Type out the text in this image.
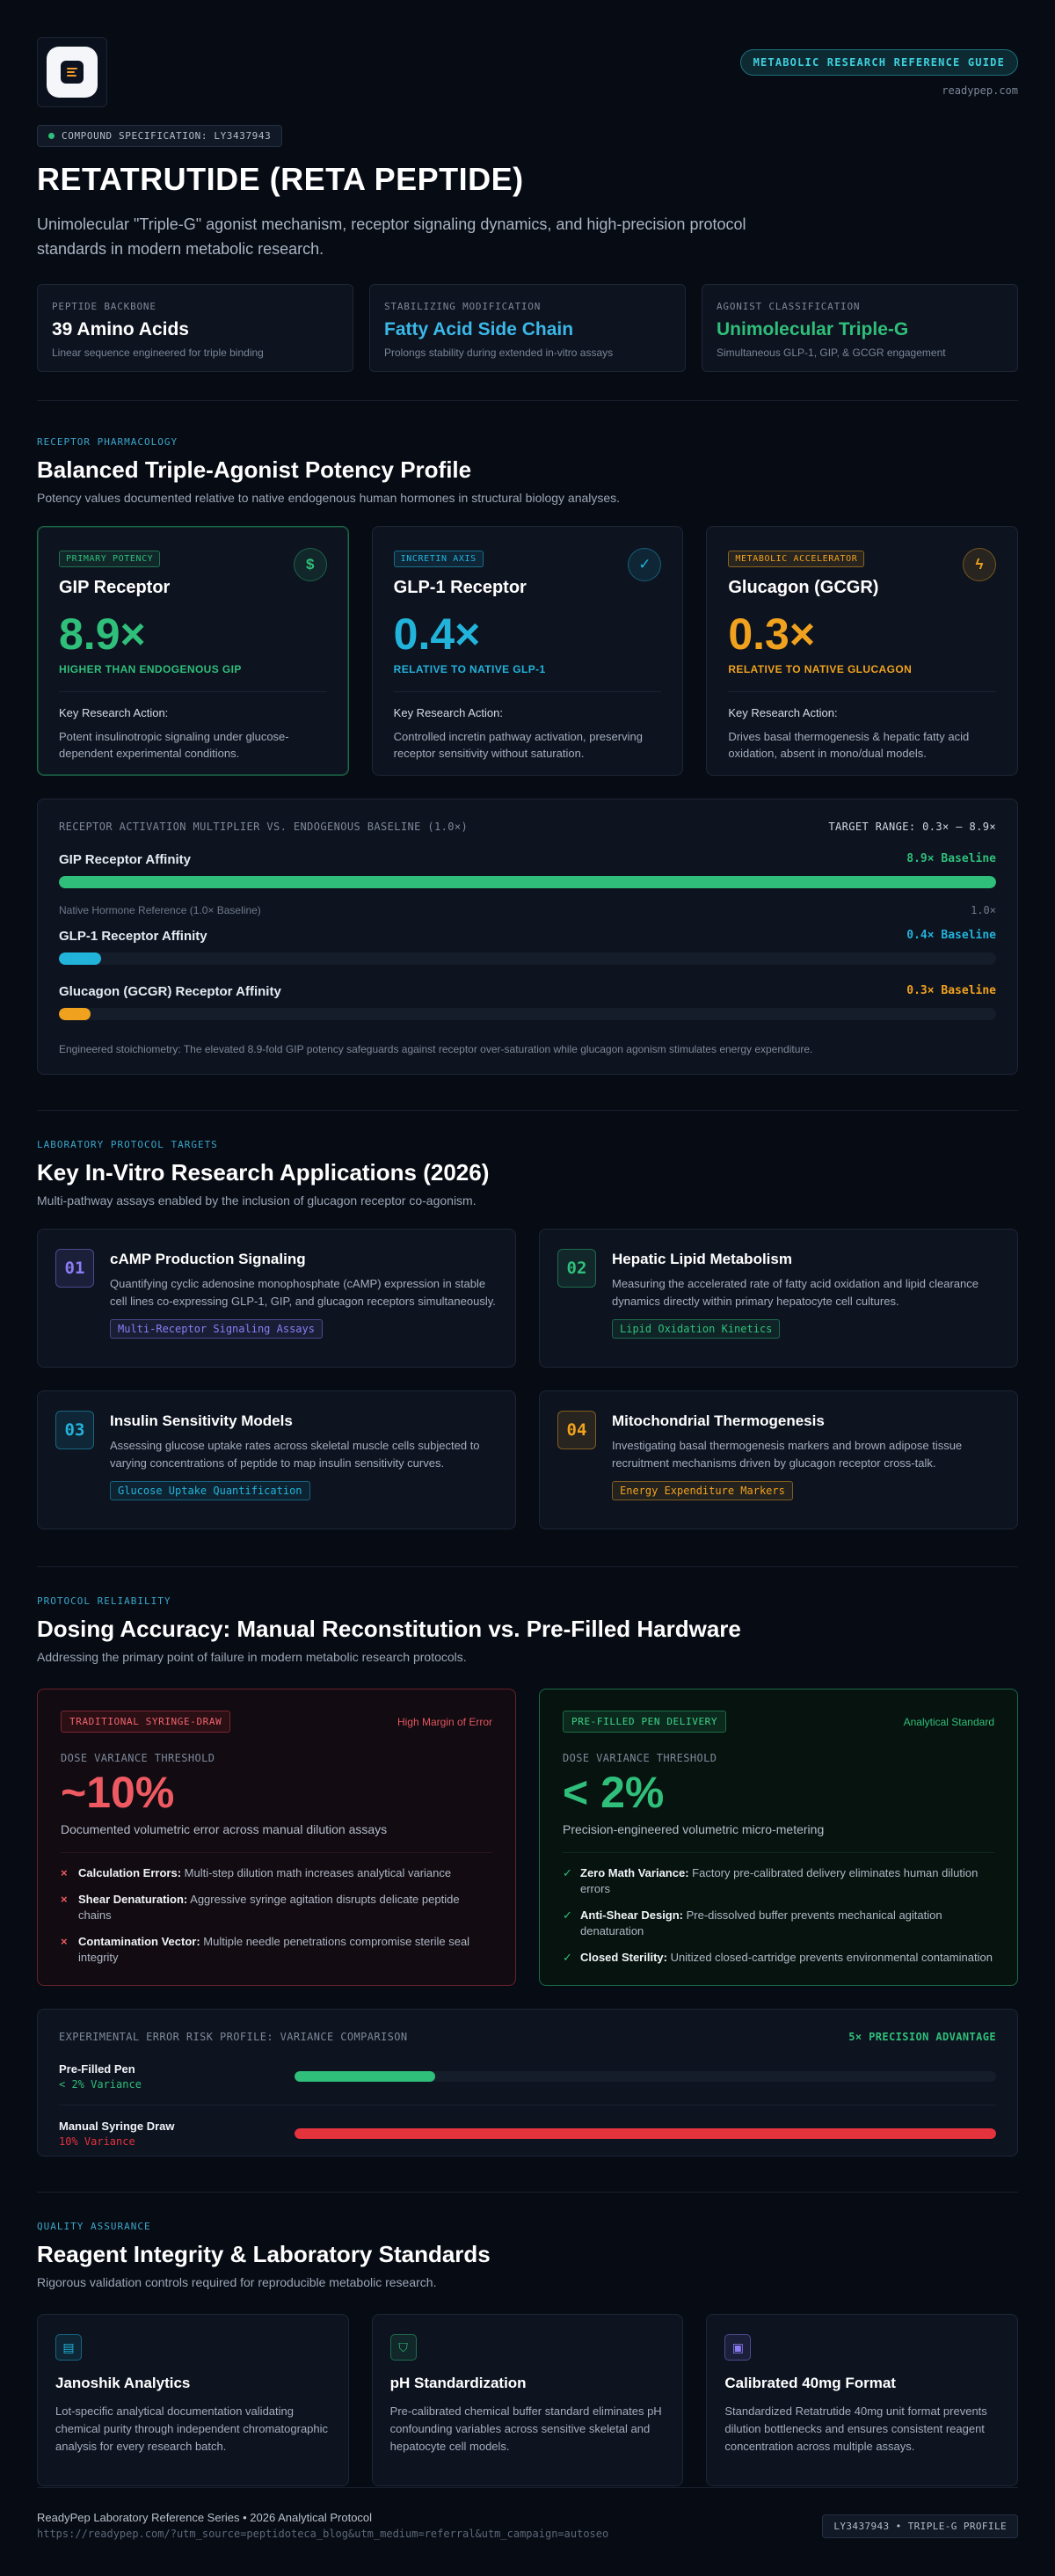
METABOLIC RESEARCH REFERENCE GUIDE
readypep.com
COMPOUND SPECIFICATION: LY3437943
RETATRUTIDE (RETA PEPTIDE)

Unimolecular "Triple-G" agonist mechanism, receptor signaling dynamics, and high-precision protocol standards in modern metabolic research.

PEPTIDE BACKBONE
39 Amino Acids
Linear sequence engineered for triple binding
STABILIZING MODIFICATION
Fatty Acid Side Chain
Prolongs stability during extended in-vitro assays
AGONIST CLASSIFICATION
Unimolecular Triple-G
Simultaneous GLP-1, GIP, & GCGR engagement
RECEPTOR PHARMACOLOGY
Balanced Triple-Agonist Potency Profile

Potency values documented relative to native endogenous human hormones in structural biology analyses.

PRIMARY POTENCY	$
GIP Receptor
8.9×
HIGHER THAN ENDOGENOUS GIP
Key Research Action:
Potent insulinotropic signaling under glucose-dependent experimental conditions.
INCRETIN AXIS	✓
GLP-1 Receptor
0.4×
RELATIVE TO NATIVE GLP-1
Key Research Action:
Controlled incretin pathway activation, preserving receptor sensitivity without saturation.
METABOLIC ACCELERATOR	ϟ
Glucagon (GCGR)
0.3×
RELATIVE TO NATIVE GLUCAGON
Key Research Action:
Drives basal thermogenesis & hepatic fatty acid oxidation, absent in mono/dual models.
RECEPTOR ACTIVATION MULTIPLIER VS. ENDOGENOUS BASELINE (1.0×)	TARGET RANGE: 0.3× – 8.9×
GIP Receptor Affinity	8.9× Baseline
Native Hormone Reference (1.0× Baseline)	1.0×
GLP-1 Receptor Affinity	0.4× Baseline
Glucagon (GCGR) Receptor Affinity	0.3× Baseline
Engineered stoichiometry: The elevated 8.9-fold GIP potency safeguards against receptor over-saturation while glucagon agonism stimulates energy expenditure.
LABORATORY PROTOCOL TARGETS
Key In-Vitro Research Applications (2026)

Multi-pathway assays enabled by the inclusion of glucagon receptor co-agonism.

01	cAMP Production Signaling
Quantifying cyclic adenosine monophosphate (cAMP) expression in stable cell lines co-expressing GLP-1, GIP, and glucagon receptors simultaneously.
Multi-Receptor Signaling Assays
02	Hepatic Lipid Metabolism
Measuring the accelerated rate of fatty acid oxidation and lipid clearance dynamics directly within primary hepatocyte cell cultures.
Lipid Oxidation Kinetics
03	Insulin Sensitivity Models
Assessing glucose uptake rates across skeletal muscle cells subjected to varying concentrations of peptide to map insulin sensitivity curves.
Glucose Uptake Quantification
04	Mitochondrial Thermogenesis
Investigating basal thermogenesis markers and brown adipose tissue recruitment mechanisms driven by glucagon receptor cross-talk.
Energy Expenditure Markers
PROTOCOL RELIABILITY
Dosing Accuracy: Manual Reconstitution vs. Pre-Filled Hardware

Addressing the primary point of failure in modern metabolic research protocols.

TRADITIONAL SYRINGE-DRAW	High Margin of Error
DOSE VARIANCE THRESHOLD
~10%
Documented volumetric error across manual dilution assays
× Calculation Errors: Multi-step dilution math increases analytical variance
× Shear Denaturation: Aggressive syringe agitation disrupts delicate peptide chains
× Contamination Vector: Multiple needle penetrations compromise sterile seal integrity
PRE-FILLED PEN DELIVERY	Analytical Standard
DOSE VARIANCE THRESHOLD
< 2%
Precision-engineered volumetric micro-metering
✓ Zero Math Variance: Factory pre-calibrated delivery eliminates human dilution errors
✓ Anti-Shear Design: Pre-dissolved buffer prevents mechanical agitation denaturation
✓ Closed Sterility: Unitized closed-cartridge prevents environmental contamination
EXPERIMENTAL ERROR RISK PROFILE: VARIANCE COMPARISON	5× PRECISION ADVANTAGE
Pre-Filled Pen
< 2% Variance
Manual Syringe Draw
10% Variance
QUALITY ASSURANCE
Reagent Integrity & Laboratory Standards

Rigorous validation controls required for reproducible metabolic research.

▤
Janoshik Analytics
Lot-specific analytical documentation validating chemical purity through independent chromatographic analysis for every research batch.
⛉
pH Standardization
Pre-calibrated chemical buffer standard eliminates pH confounding variables across sensitive skeletal and hepatocyte cell models.
▣
Calibrated 40mg Format
Standardized Retatrutide 40mg unit format prevents dilution bottlenecks and ensures consistent reagent concentration across multiple assays.
ReadyPep Laboratory Reference Series • 2026 Analytical Protocol
https://readypep.com/?utm_source=peptidoteca_blog&utm_medium=referral&utm_campaign=autoseo
LY3437943 • TRIPLE-G PROFILE
